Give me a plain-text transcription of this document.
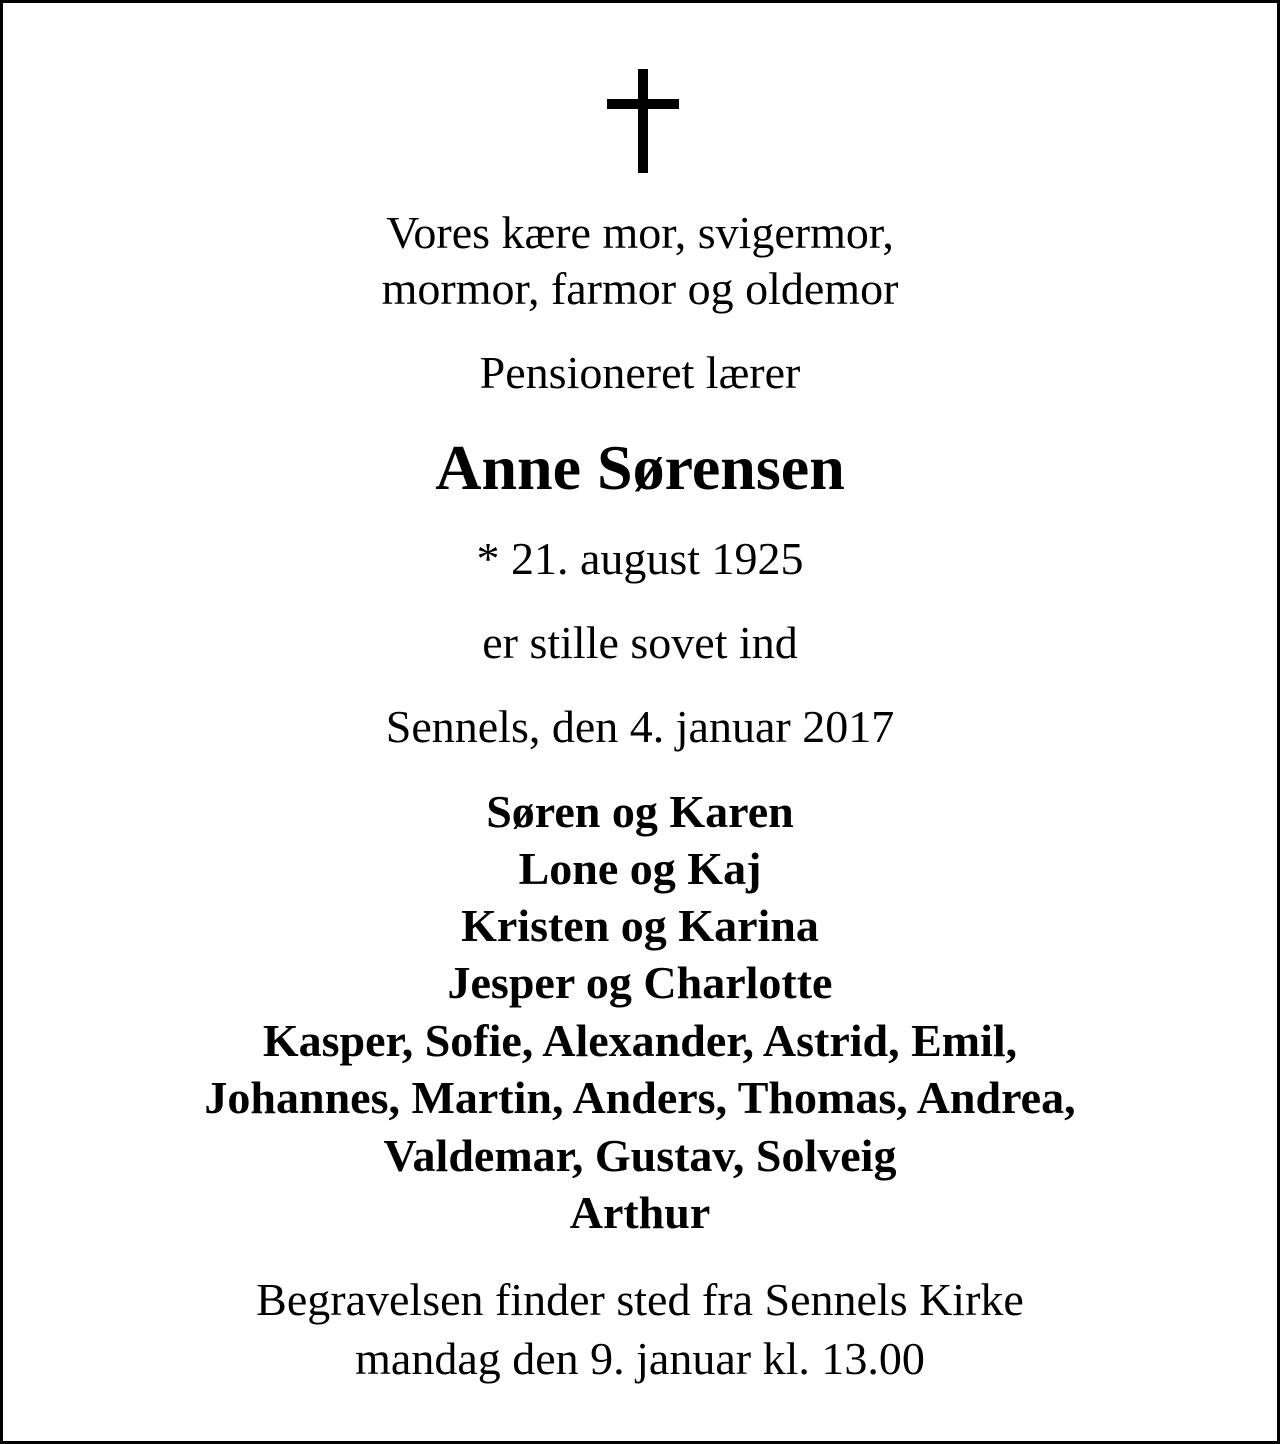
Vores kære mor, svigermor,
mormor, farmor og oldemor
Pensioneret lærer
Anne Sørensen
* 21. august 1925
er stille sovet ind
Sennels, den 4. januar 2017
Søren og Karen
Lone og Kaj
Kristen og Karina
Jesper og Charlotte
Kasper, Sofie, Alexander, Astrid, Emil,
Johannes, Martin, Anders, Thomas, Andrea,
Valdemar, Gustav, Solveig
Arthur
Begravelsen finder sted fra Sennels Kirke
mandag den 9. januar kl. 13.00
